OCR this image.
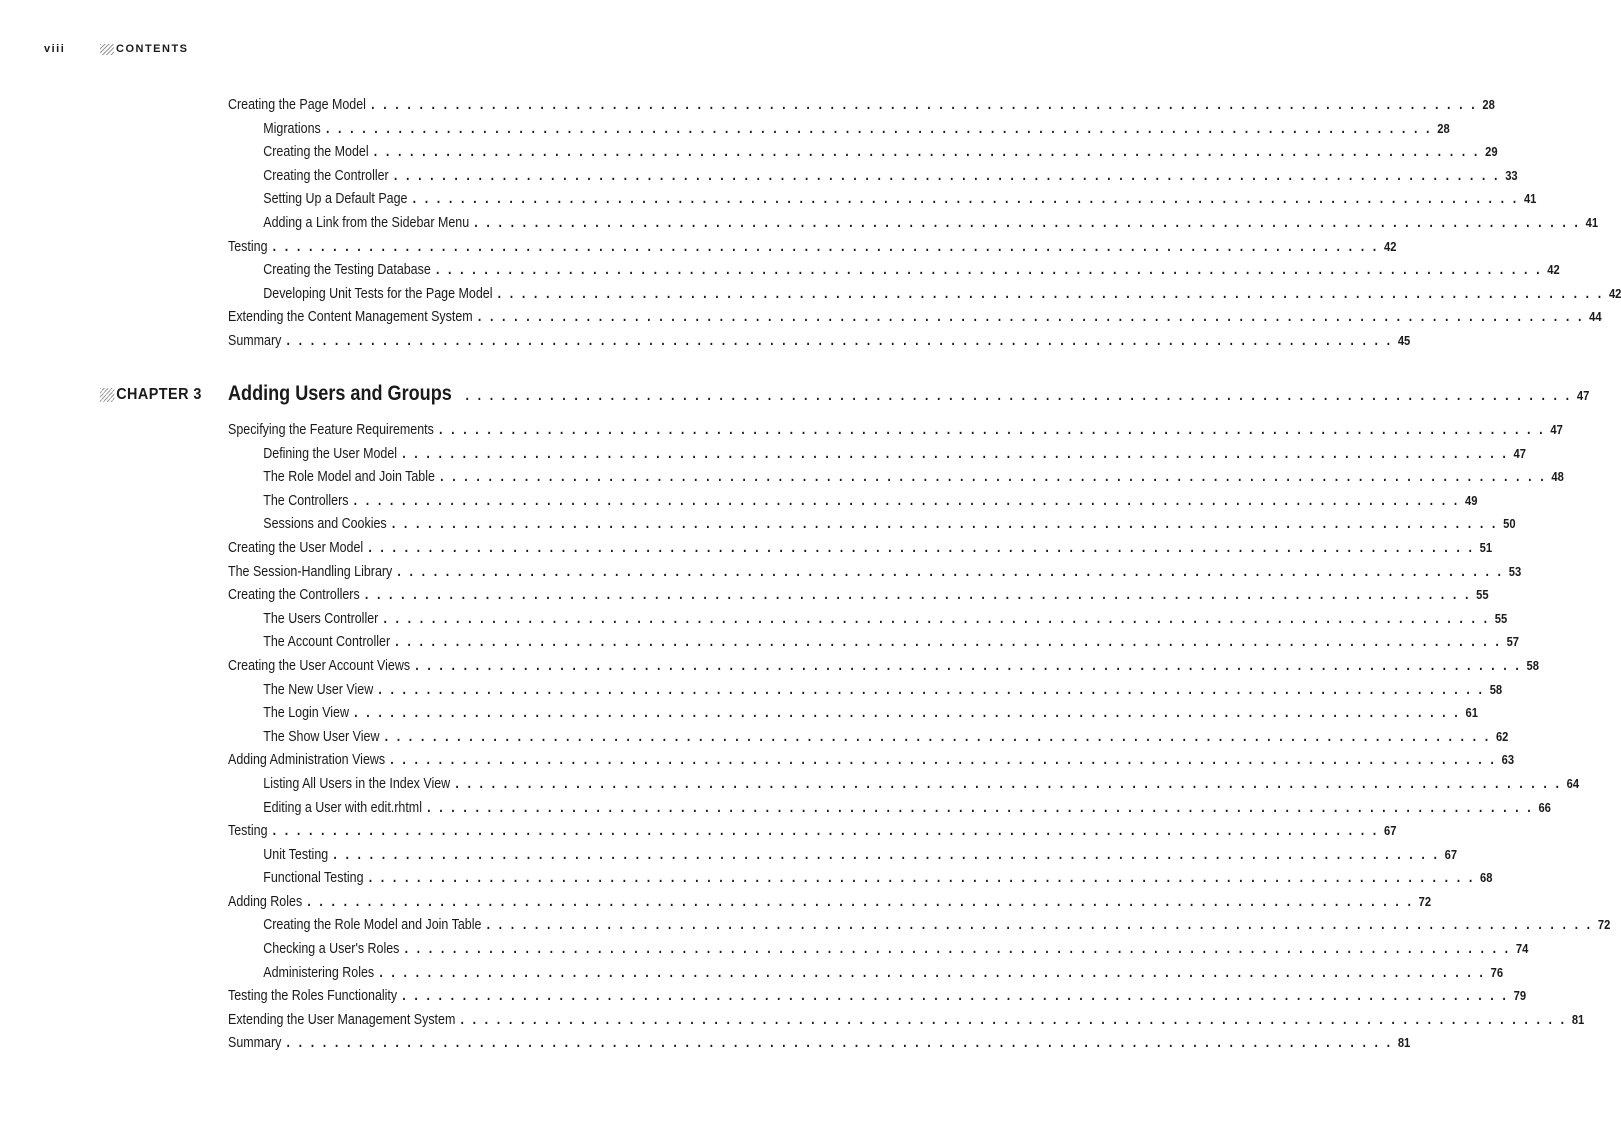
viii	CONTENTS
Creating the Page Model . . . . . . . . . . . . . . . . . . . . . . . . . . . . . . . . . . . . . . . . . . . . . . . . . . . . . . . . . . . . . . . . . . . . . . . . . . . . . . . . . . . . . . . . . . . . 28
Migrations . . . . . . . . . . . . . . . . . . . . . . . . . . . . . . . . . . . . . . . . . . . . . . . . . . . . . . . . . . . . . . . . . . . . . . . . . . . . . . . . . . . . . . . . . . . . 28
Creating the Model . . . . . . . . . . . . . . . . . . . . . . . . . . . . . . . . . . . . . . . . . . . . . . . . . . . . . . . . . . . . . . . . . . . . . . . . . . . . . . . . . . . . . . . . . . . . 29
Creating the Controller . . . . . . . . . . . . . . . . . . . . . . . . . . . . . . . . . . . . . . . . . . . . . . . . . . . . . . . . . . . . . . . . . . . . . . . . . . . . . . . . . . . . . . . . . . . . 33
Setting Up a Default Page . . . . . . . . . . . . . . . . . . . . . . . . . . . . . . . . . . . . . . . . . . . . . . . . . . . . . . . . . . . . . . . . . . . . . . . . . . . . . . . . . . . . . . . . . . . . 41
Adding a Link from the Sidebar Menu . . . . . . . . . . . . . . . . . . . . . . . . . . . . . . . . . . . . . . . . . . . . . . . . . . . . . . . . . . . . . . . . . . . . . . . . . . . . . . . . . . . . . . . . . . . . 41
Testing . . . . . . . . . . . . . . . . . . . . . . . . . . . . . . . . . . . . . . . . . . . . . . . . . . . . . . . . . . . . . . . . . . . . . . . . . . . . . . . . . . . . . . . . . . . . 42
Creating the Testing Database . . . . . . . . . . . . . . . . . . . . . . . . . . . . . . . . . . . . . . . . . . . . . . . . . . . . . . . . . . . . . . . . . . . . . . . . . . . . . . . . . . . . . . . . . . . . 42
Developing Unit Tests for the Page Model . . . . . . . . . . . . . . . . . . . . . . . . . . . . . . . . . . . . . . . . . . . . . . . . . . . . . . . . . . . . . . . . . . . . . . . . . . . . . . . . . . . . . . . . . . . . 42
Extending the Content Management System . . . . . . . . . . . . . . . . . . . . . . . . . . . . . . . . . . . . . . . . . . . . . . . . . . . . . . . . . . . . . . . . . . . . . . . . . . . . . . . . . . . . . . . . . . . . 44
Summary . . . . . . . . . . . . . . . . . . . . . . . . . . . . . . . . . . . . . . . . . . . . . . . . . . . . . . . . . . . . . . . . . . . . . . . . . . . . . . . . . . . . . . . . . . . . 45
CHAPTER 3 Adding Users and Groups . . . . . . . . . . . . . . . . . . . . . . . . . . . . . . . . . . . . . . . . . . . . . . . . . . . . . . . . . . . . . . . . . . . . . . . . . . . . . . . . . . . . . . . . . . . . 47
Specifying the Feature Requirements . . . . . . . . . . . . . . . . . . . . . . . . . . . . . . . . . . . . . . . . . . . . . . . . . . . . . . . . . . . . . . . . . . . . . . . . . . . . . . . . . . . . . . . . . . . . 47
Defining the User Model . . . . . . . . . . . . . . . . . . . . . . . . . . . . . . . . . . . . . . . . . . . . . . . . . . . . . . . . . . . . . . . . . . . . . . . . . . . . . . . . . . . . . . . . . . . . 47
The Role Model and Join Table . . . . . . . . . . . . . . . . . . . . . . . . . . . . . . . . . . . . . . . . . . . . . . . . . . . . . . . . . . . . . . . . . . . . . . . . . . . . . . . . . . . . . . . . . . . . 48
The Controllers . . . . . . . . . . . . . . . . . . . . . . . . . . . . . . . . . . . . . . . . . . . . . . . . . . . . . . . . . . . . . . . . . . . . . . . . . . . . . . . . . . . . . . . . . . . . 49
Sessions and Cookies . . . . . . . . . . . . . . . . . . . . . . . . . . . . . . . . . . . . . . . . . . . . . . . . . . . . . . . . . . . . . . . . . . . . . . . . . . . . . . . . . . . . . . . . . . . . 50
Creating the User Model . . . . . . . . . . . . . . . . . . . . . . . . . . . . . . . . . . . . . . . . . . . . . . . . . . . . . . . . . . . . . . . . . . . . . . . . . . . . . . . . . . . . . . . . . . . . 51
The Session-Handling Library . . . . . . . . . . . . . . . . . . . . . . . . . . . . . . . . . . . . . . . . . . . . . . . . . . . . . . . . . . . . . . . . . . . . . . . . . . . . . . . . . . . . . . . . . . . . 53
Creating the Controllers . . . . . . . . . . . . . . . . . . . . . . . . . . . . . . . . . . . . . . . . . . . . . . . . . . . . . . . . . . . . . . . . . . . . . . . . . . . . . . . . . . . . . . . . . . . . 55
The Users Controller . . . . . . . . . . . . . . . . . . . . . . . . . . . . . . . . . . . . . . . . . . . . . . . . . . . . . . . . . . . . . . . . . . . . . . . . . . . . . . . . . . . . . . . . . . . . 55
The Account Controller . . . . . . . . . . . . . . . . . . . . . . . . . . . . . . . . . . . . . . . . . . . . . . . . . . . . . . . . . . . . . . . . . . . . . . . . . . . . . . . . . . . . . . . . . . . . 57
Creating the User Account Views . . . . . . . . . . . . . . . . . . . . . . . . . . . . . . . . . . . . . . . . . . . . . . . . . . . . . . . . . . . . . . . . . . . . . . . . . . . . . . . . . . . . . . . . . . . . 58
The New User View . . . . . . . . . . . . . . . . . . . . . . . . . . . . . . . . . . . . . . . . . . . . . . . . . . . . . . . . . . . . . . . . . . . . . . . . . . . . . . . . . . . . . . . . . . . . 58
The Login View . . . . . . . . . . . . . . . . . . . . . . . . . . . . . . . . . . . . . . . . . . . . . . . . . . . . . . . . . . . . . . . . . . . . . . . . . . . . . . . . . . . . . . . . . . . . 61
The Show User View . . . . . . . . . . . . . . . . . . . . . . . . . . . . . . . . . . . . . . . . . . . . . . . . . . . . . . . . . . . . . . . . . . . . . . . . . . . . . . . . . . . . . . . . . . . . 62
Adding Administration Views . . . . . . . . . . . . . . . . . . . . . . . . . . . . . . . . . . . . . . . . . . . . . . . . . . . . . . . . . . . . . . . . . . . . . . . . . . . . . . . . . . . . . . . . . . . . 63
Listing All Users in the Index View . . . . . . . . . . . . . . . . . . . . . . . . . . . . . . . . . . . . . . . . . . . . . . . . . . . . . . . . . . . . . . . . . . . . . . . . . . . . . . . . . . . . . . . . . . . . 64
Editing a User with edit.rhtml . . . . . . . . . . . . . . . . . . . . . . . . . . . . . . . . . . . . . . . . . . . . . . . . . . . . . . . . . . . . . . . . . . . . . . . . . . . . . . . . . . . . . . . . . . . . 66
Testing . . . . . . . . . . . . . . . . . . . . . . . . . . . . . . . . . . . . . . . . . . . . . . . . . . . . . . . . . . . . . . . . . . . . . . . . . . . . . . . . . . . . . . . . . . . . 67
Unit Testing . . . . . . . . . . . . . . . . . . . . . . . . . . . . . . . . . . . . . . . . . . . . . . . . . . . . . . . . . . . . . . . . . . . . . . . . . . . . . . . . . . . . . . . . . . . . 67
Functional Testing . . . . . . . . . . . . . . . . . . . . . . . . . . . . . . . . . . . . . . . . . . . . . . . . . . . . . . . . . . . . . . . . . . . . . . . . . . . . . . . . . . . . . . . . . . . . 68
Adding Roles . . . . . . . . . . . . . . . . . . . . . . . . . . . . . . . . . . . . . . . . . . . . . . . . . . . . . . . . . . . . . . . . . . . . . . . . . . . . . . . . . . . . . . . . . . . . 72
Creating the Role Model and Join Table . . . . . . . . . . . . . . . . . . . . . . . . . . . . . . . . . . . . . . . . . . . . . . . . . . . . . . . . . . . . . . . . . . . . . . . . . . . . . . . . . . . . . . . . . . . . 72
Checking a User's Roles . . . . . . . . . . . . . . . . . . . . . . . . . . . . . . . . . . . . . . . . . . . . . . . . . . . . . . . . . . . . . . . . . . . . . . . . . . . . . . . . . . . . . . . . . . . . 74
Administering Roles . . . . . . . . . . . . . . . . . . . . . . . . . . . . . . . . . . . . . . . . . . . . . . . . . . . . . . . . . . . . . . . . . . . . . . . . . . . . . . . . . . . . . . . . . . . . 76
Testing the Roles Functionality . . . . . . . . . . . . . . . . . . . . . . . . . . . . . . . . . . . . . . . . . . . . . . . . . . . . . . . . . . . . . . . . . . . . . . . . . . . . . . . . . . . . . . . . . . . . 79
Extending the User Management System . . . . . . . . . . . . . . . . . . . . . . . . . . . . . . . . . . . . . . . . . . . . . . . . . . . . . . . . . . . . . . . . . . . . . . . . . . . . . . . . . . . . . . . . . . . . 81
Summary . . . . . . . . . . . . . . . . . . . . . . . . . . . . . . . . . . . . . . . . . . . . . . . . . . . . . . . . . . . . . . . . . . . . . . . . . . . . . . . . . . . . . . . . . . . . 81
